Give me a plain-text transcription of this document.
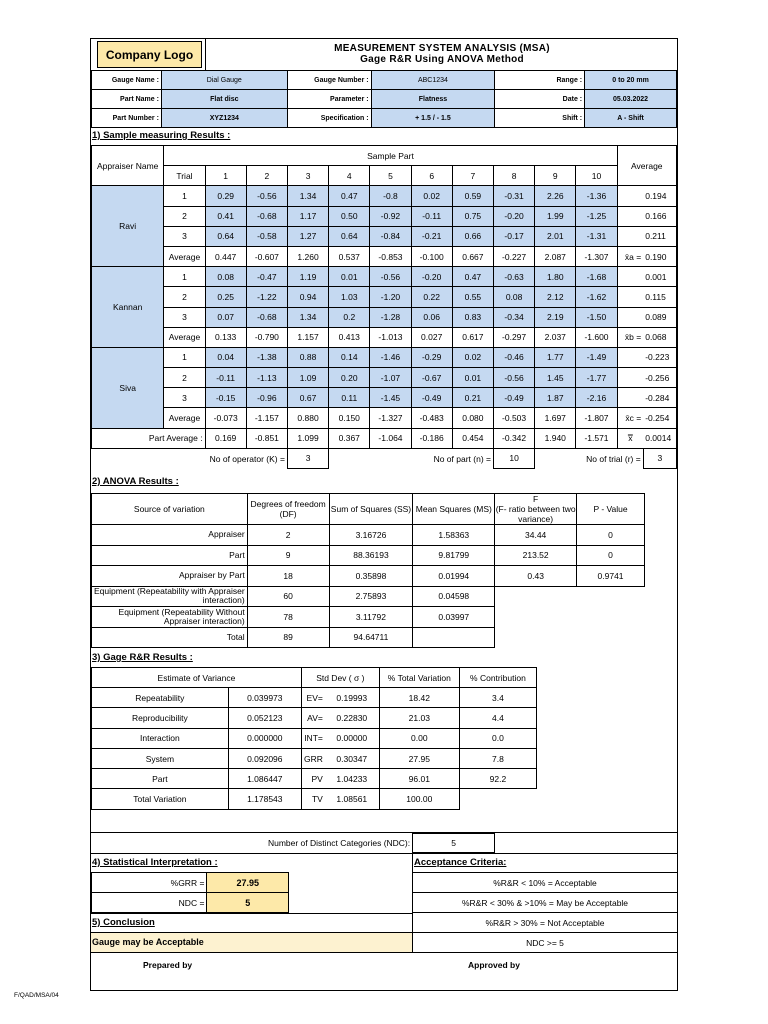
Company Logo	MEASUREMENT SYSTEM ANALYSIS (MSA)
Gage R&R Using ANOVA Method
Gauge Name :	Dial Gauge	Gauge Number :	ABC1234	Range :	0 to 20 mm
Part Name :	Flat disc	Parameter :	Flatness	Date :	05.03.2022
Part Number :	XYZ1234	Specification :	+ 1.5 / - 1.5	Shift :	A - Shift
1) Sample measuring Results :
Appraiser Name	Sample Part											Average	
	Trial	1	2	3	4	5	6	7	8	9	10		
Ravi	1	0.29	-0.56	1.34	0.47	-0.8	0.02	0.59	-0.31	2.26	-1.36		0.194
	2	0.41	-0.68	1.17	0.50	-0.92	-0.11	0.75	-0.20	1.99	-1.25		0.166
	3	0.64	-0.58	1.27	0.64	-0.84	-0.21	0.66	-0.17	2.01	-1.31		0.211
	Average	0.447	-0.607	1.260	0.537	-0.853	-0.100	0.667	-0.227	2.087	-1.307	x̄a =	0.190
Kannan	1	0.08	-0.47	1.19	0.01	-0.56	-0.20	0.47	-0.63	1.80	-1.68		0.001
	2	0.25	-1.22	0.94	1.03	-1.20	0.22	0.55	0.08	2.12	-1.62		0.115
	3	0.07	-0.68	1.34	0.2	-1.28	0.06	0.83	-0.34	2.19	-1.50		0.089
	Average	0.133	-0.790	1.157	0.413	-1.013	0.027	0.617	-0.297	2.037	-1.600	x̄b =	0.068
Siva	1	0.04	-1.38	0.88	0.14	-1.46	-0.29	0.02	-0.46	1.77	-1.49		-0.223
	2	-0.11	-1.13	1.09	0.20	-1.07	-0.67	0.01	-0.56	1.45	-1.77		-0.256
	3	-0.15	-0.96	0.67	0.11	-1.45	-0.49	0.21	-0.49	1.87	-2.16		-0.284
	Average	-0.073	-1.157	0.880	0.150	-1.327	-0.483	0.080	-0.503	1.697	-1.807	x̄c =	-0.254
Part Average :		0.169	-0.851	1.099	0.367	-1.064	-0.186	0.454	-0.342	1.940	-1.571	x̿	0.0014
No of operator (K) =				3	No of part (n) =				10	No of trial (r) =			3
2) ANOVA Results :
Source of variation	Degrees of freedom (DF)	Sum of Squares (SS)	Mean Squares (MS)	F
(F- ratio between two variance)	P - Value
Appraiser	2	3.16726	1.58363	34.44	0
Part	9	88.36193	9.81799	213.52	0
Appraiser by Part	18	0.35898	0.01994	0.43	0.9741
Equipment (Repeatability with Appraiser interaction)	60	2.75893	0.04598		
Equipment (Repeatability Without Appraiser interaction)	78	3.11792	0.03997		
Total	89	94.64711			
3) Gage R&R Results :
Estimate of Variance		Std Dev ( σ )		% Total Variation	% Contribution
Repeatability	0.039973	EV=	0.19993	18.42	3.4
Reproducibility	0.052123	AV=	0.22830	21.03	4.4
Interaction	0.000000	INT=	0.00000	0.00	0.0
System	0.092096	GRR	0.30347	27.95	7.8
Part	1.086447	PV	1.04233	96.01	92.2
Total Variation	1.178543	TV	1.08561	100.00	
Number of Distinct Categories (NDC):	5
4) Statistical Interpretation :	Acceptance Criteria:
%GRR =	27.95
NDC =	5
%R&R < 10% = Acceptable
%R&R < 30% & >10% = May be Acceptable
%R&R > 30% = Not Acceptable
NDC >= 5
5) Conclusion
Gauge may be Acceptable
Prepared by	Approved by
F/QAD/MSA/04
